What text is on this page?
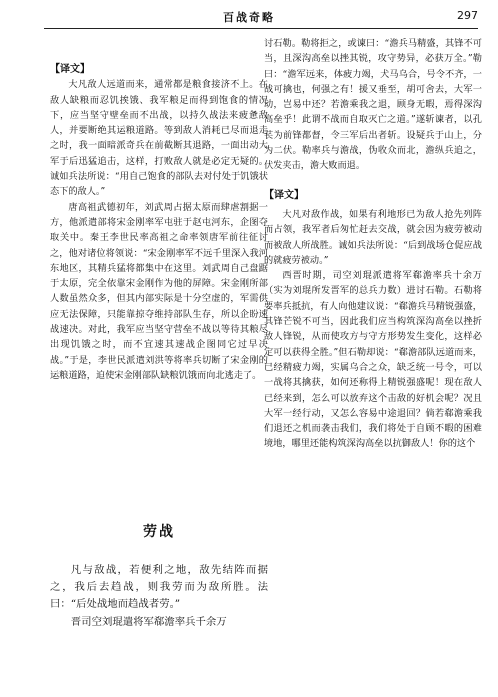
百战奇略	297

【译文】

大凡敌人远道而来，通常都是粮食接济不上。在敌人缺粮而忍饥挨饿、我军粮足而得到饱食的情况下，应当坚守壁垒而不出战，以持久战法来疲惫敌人，并要断绝其运粮道路。等到敌人消耗已尽而退走之时，我一面暗派奇兵在前截断其退路，一面出动大军于后迅猛追击，这样，打败敌人就是必定无疑的。诚如兵法所说：“用自己饱食的部队去对付处于饥饿状态下的敌人。”

唐高祖武德初年，刘武周占据太原而肆虐割据一方，他派遣部将宋金刚率军屯驻于赵屯河东，企图夺取关中。秦王李世民率高祖之命率领唐军前往征讨之，他对诸位将领说：“宋金刚率军不远千里深入我河东地区，其精兵猛将都集中在这里。刘武周自己盘踞于太原，完全依靠宋金刚作为他的屏障。宋金刚所部人数虽然众多，但其内部实际是十分空虚的，军需供应无法保障，只能靠掠夺维持部队生存，所以企盼速战速决。对此，我军应当坚守营垒不战以等待其粮尽出现饥饿之时，而不宜速其速战企图同它过早决战。”于是，李世民派遣刘洪等将率兵切断了宋金刚的运粮道路，迫使宋金刚部队缺粮饥饿而向北逃走了。

劳战

凡与敌战，若便利之地，敌先结阵而据之，我后去趋战，则我劳而为敌所胜。法曰：“后处战地而趋战者劳。”

晋司空刘琨遣将军郗澹率兵千余万

讨石勒。勒将拒之，或谏曰：“澹兵马精盛，其锋不可当，且深沟高垒以挫其锐，攻守势异，必获万全。”勒曰：“澹军远来，体疲力竭，犬马乌合，号令不齐，一战可擒也，何强之有！援又垂至，胡可舍去，大军一动，岂易中还？若澹乘我之退，顾身无暇，焉得深沟高垒乎！此谓不战而自取灭亡之道。”遂斩谏者，以孔苌为前锋都督，令三军后出者斩。设疑兵于山上，分为二伏。勒率兵与澹战，伪收众而北，澹纵兵追之，伏发夹击，澹大败而退。

【译文】

大凡对敌作战，如果有利地形已为敌人抢先列阵而占领，我军者后匆忙赶去交战，就会因为疲劳被动而被敌人所战胜。诚如兵法所说：“后到战场仓促应战的就疲劳被动。”

西晋时期，司空刘琨派遣将军郗澹率兵十余万（实为刘琨所发晋军的总兵力数）进讨石勒。石勒将要率兵抵抗，有人向他建议说：“郗澹兵马精锐强盛，其锋芒锐不可当，因此我们应当构筑深沟高垒以挫折敌人锋锐，从而使攻方与守方形势发生变化，这样必定可以获得全胜。”但石勒却说：“郗澹部队远道而来，已经精疲力竭，实属乌合之众，缺乏统一号令，可以一战将其擒获，如何还称得上精锐强盛呢！现在敌人已经来到，怎么可以放弃这个击敌的好机会呢？况且大军一经行动，又怎么容易中途退回？倘若郗澹乘我们退还之机而袭击我们，我们将处于自顾不暇的困难境地，哪里还能构筑深沟高垒以抗御敌人！你的这个
